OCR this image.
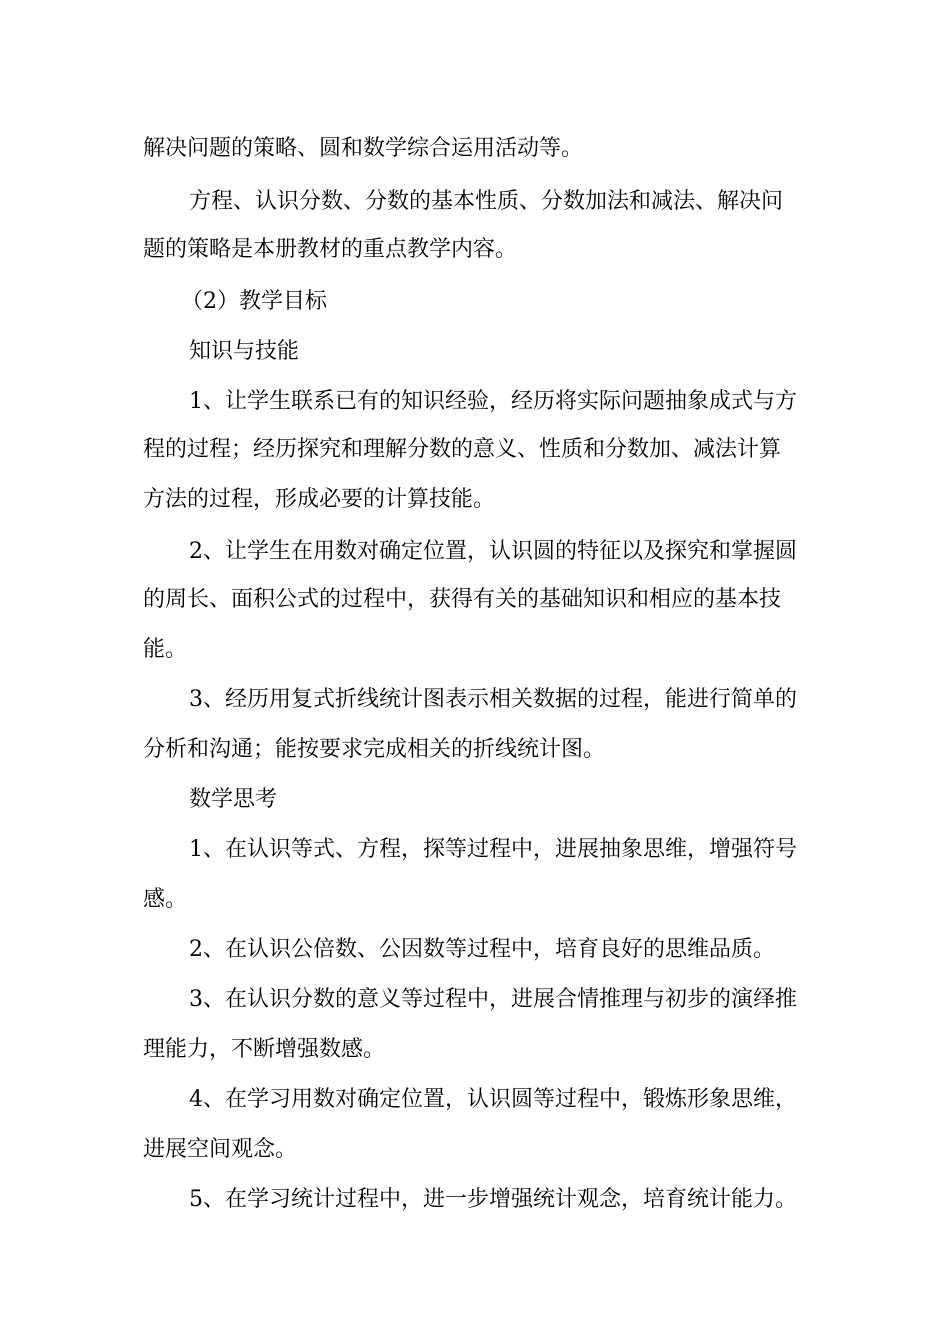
解决问题的策略、圆和数学综合运用活动等。
方程、认识分数、分数的基本性质、分数加法和减法、解决问
题的策略是本册教材的重点教学内容。
（2）教学目标
知识与技能
1、让学生联系已有的知识经验，经历将实际问题抽象成式与方
程的过程；经历探究和理解分数的意义、性质和分数加、减法计算
方法的过程，形成必要的计算技能。
2、让学生在用数对确定位置，认识圆的特征以及探究和掌握圆
的周长、面积公式的过程中，获得有关的基础知识和相应的基本技
能。
3、经历用复式折线统计图表示相关数据的过程，能进行简单的
分析和沟通；能按要求完成相关的折线统计图。
数学思考
1、在认识等式、方程，探等过程中，进展抽象思维，增强符号
感。
2、在认识公倍数、公因数等过程中，培育良好的思维品质。
3、在认识分数的意义等过程中，进展合情推理与初步的演绎推
理能力，不断增强数感。
4、在学习用数对确定位置，认识圆等过程中，锻炼形象思维，
进展空间观念。
5、在学习统计过程中，进一步增强统计观念，培育统计能力。
